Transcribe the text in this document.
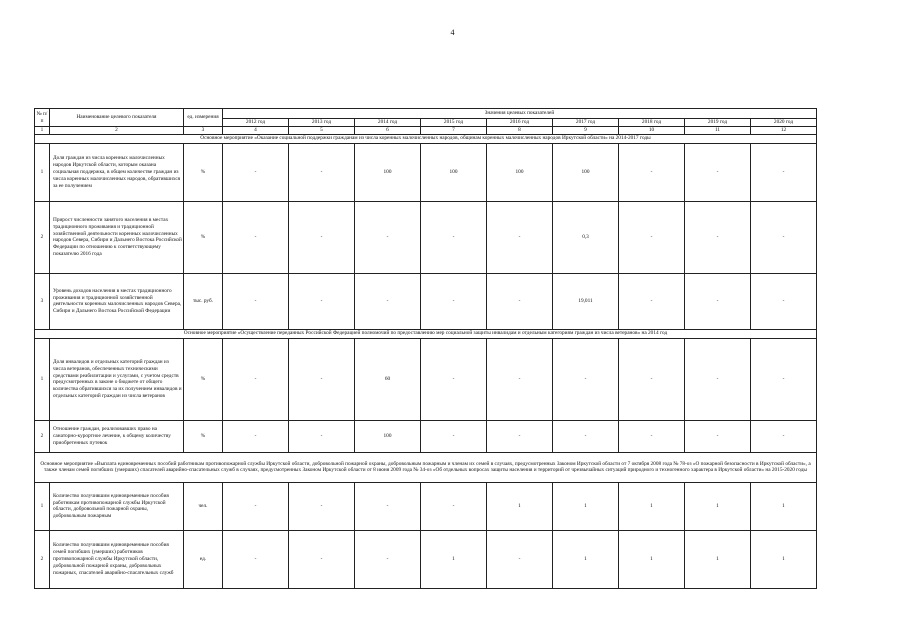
4
№ п/п	Наименование целевого показателя	ед. измерения	Значения целевых показателей								
			2012 год	2013 год	2014 год	2015 год	2016 год	2017 год	2018 год	2019 год	2020 год
1	2	3	4	5	6	7	8	9	10	11	12
Основное мероприятие «Оказание социальной поддержки гражданам из числа коренных малочисленных народов, общинам коренных малочисленных народов Иркутской области» на 2014-2017 годы											
1	Доля граждан из числа коренных малочисленных народов Иркутской области, которым оказана социальная поддержка, в общем количестве граждан из числа коренных малочисленных народов, обратившихся за ее получением	%	-	-	100	100	100	100	-	-	-
2	Прирост численности занятого населения в местах традиционного проживания и традиционной хозяйственной деятельности коренных малочисленных народов Севера, Сибири и Дальнего Востока Российской Федерации по отношению к соответствующему показателю 2016 года	%	-	-	-	-	-	0,3	-	-	-
3	Уровень доходов населения в местах традиционного проживания и традиционной хозяйственной деятельности коренных малочисленных народов Севера, Сибири и Дальнего Востока Российской Федерации	тыс. руб.	-	-	-	-	-	19,011	-	-	-
Основное мероприятие «Осуществление переданных Российской Федерацией полномочий по предоставлению мер социальной защиты инвалидам и отдельным категориям граждан из числа ветеранов» на 2014 год											
1	Доля инвалидов и отдельных категорий граждан из числа ветеранов, обеспеченных техническими средствами реабилитации и услугами, с учетом средств предусмотренных в законе о бюджете от общего количества обратившихся за их получением инвалидов и отдельных категорий граждан из числа ветеранов	%	-	-	60	-	-	-	-	-	-
2	Отношение граждан, реализовавших право на санаторно-курортное лечение, к общему количеству приобретенных путевок	%	-	-	100	-	-	-	-	-	-
Основное мероприятие «Выплата единовременных пособий работникам противопожарной службы Иркутской области, добровольной пожарной охраны, добровольным пожарным и членам их семей в случаях, предусмотренных Законом Иркутской области от 7 октября 2008 года № 78-оз «О пожарной безопасности в Иркутской области», а также членам семей погибших (умерших) спасателей аварийно-спасательных служб в случаях, предусмотренных Законом Иркутской области от 8 июня 2009 года № 34-оз «Об отдельных вопросах защиты населения и территорий от чрезвычайных ситуаций природного и техногенного характера в Иркутской области» на 2015-2020 годы											
1	Количество получившим единовременные пособия работникам противопожарной службы Иркутской области, добровольной пожарной охраны, добровольным пожарным	чел.	-	-	-	-	1	1	1	1	1
2	Количество получившим единовременные пособия семей погибших (умерших) работников противопожарной службы Иркутской области, добровольной пожарной охраны, добровольных пожарных, спасателей аварийно-спасательных служб	ед.	-	-	-	1	-	1	1	1	1
